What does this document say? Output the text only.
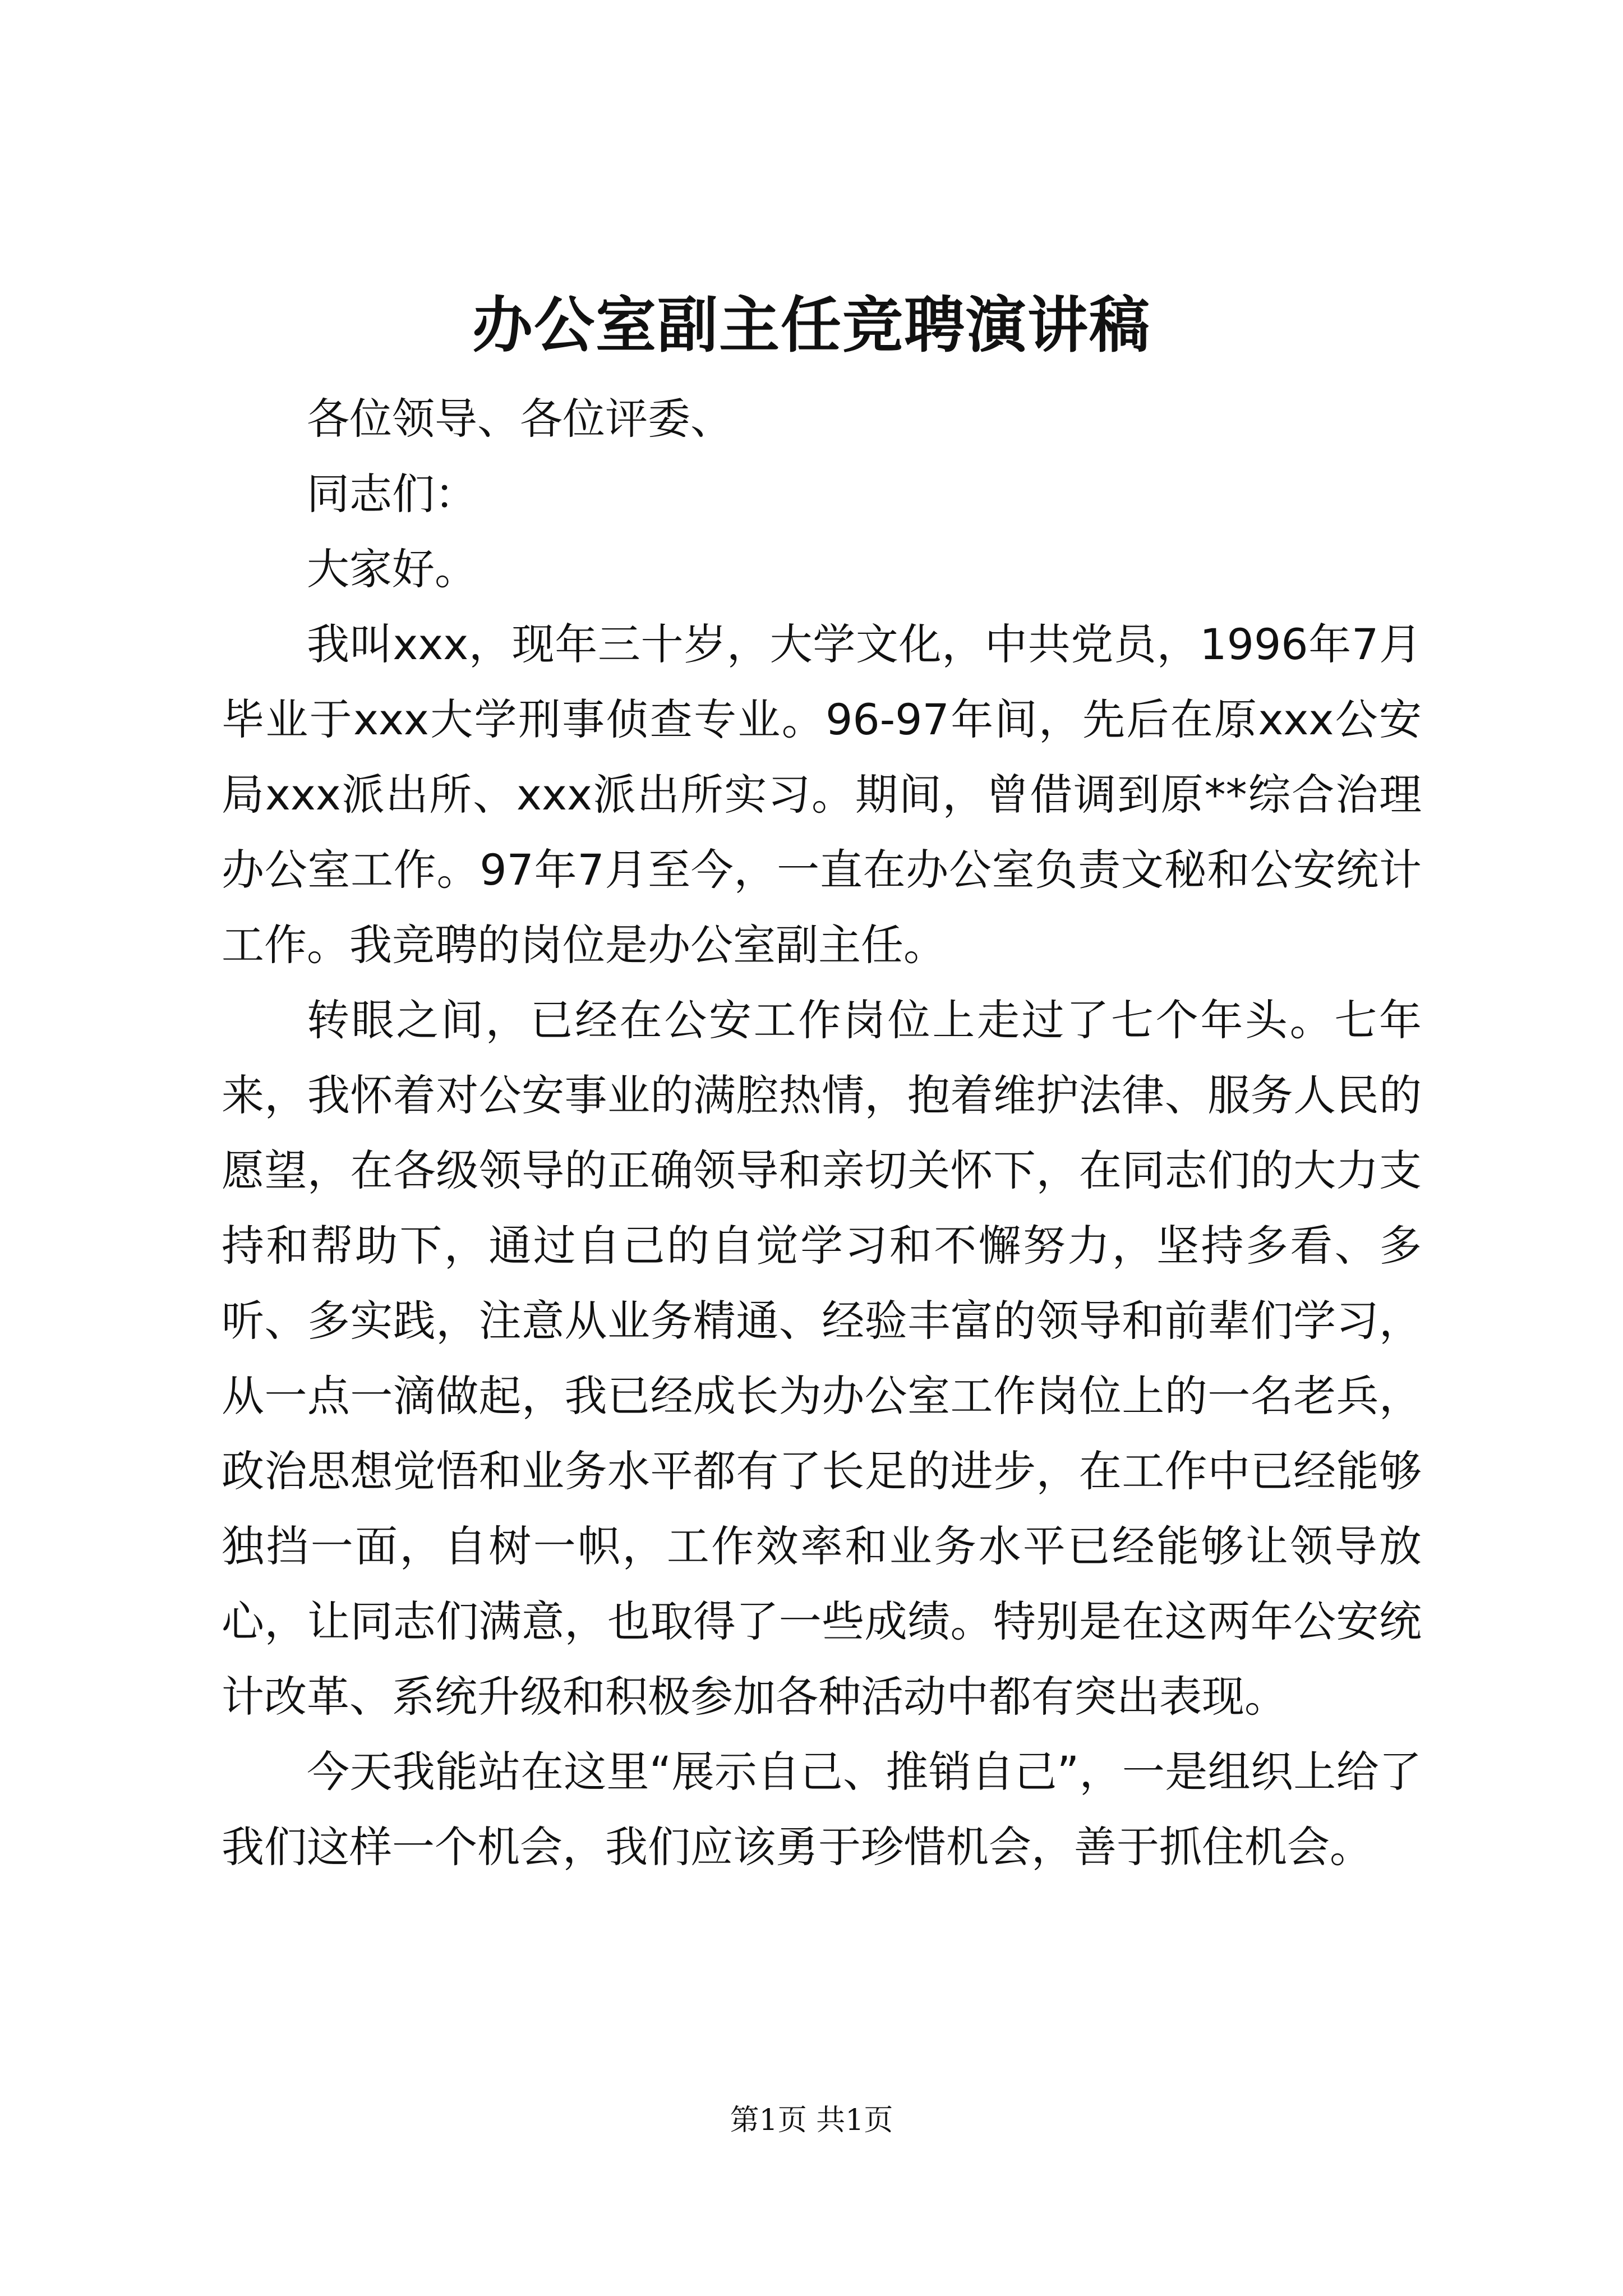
办公室副主任竞聘演讲稿

各位领导、各位评委、

同志们：

大家好。

我叫xxx，现年三十岁，大学文化，中共党员，1996年7月毕业于xxx大学刑事侦查专业。96-97年间，先后在原xxx公安局xxx派出所、xxx派出所实习。期间，曾借调到原**综合治理办公室工作。97年7月至今，一直在办公室负责文秘和公安统计工作。我竞聘的岗位是办公室副主任。

转眼之间，已经在公安工作岗位上走过了七个年头。七年来，我怀着对公安事业的满腔热情，抱着维护法律、服务人民的愿望，在各级领导的正确领导和亲切关怀下，在同志们的大力支持和帮助下，通过自己的自觉学习和不懈努力，坚持多看、多听、多实践，注意从业务精通、经验丰富的领导和前辈们学习，从一点一滴做起，我已经成长为办公室工作岗位上的一名老兵，政治思想觉悟和业务水平都有了长足的进步，在工作中已经能够独挡一面，自树一帜，工作效率和业务水平已经能够让领导放心，让同志们满意，也取得了一些成绩。特别是在这两年公安统计改革、系统升级和积极参加各种活动中都有突出表现。

今天我能站在这里“展示自己、推销自己”，一是组织上给了我们这样一个机会，我们应该勇于珍惜机会，善于抓住机会。

第1页 共1页
